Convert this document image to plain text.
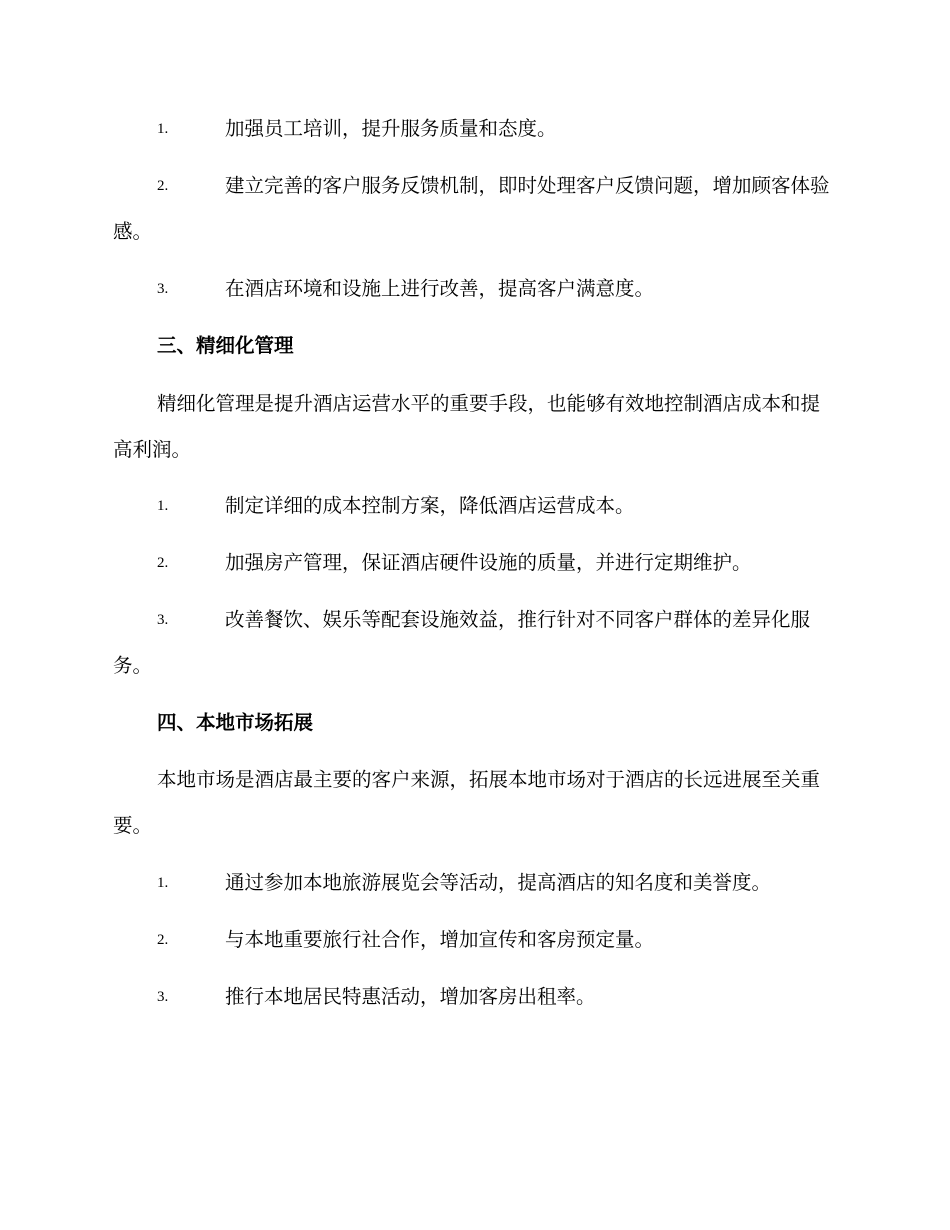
1.	加强员工培训，提升服务质量和态度。
2.	建立完善的客户服务反馈机制，即时处理客户反馈问题，增加顾客体验感。
3.	在酒店环境和设施上进行改善，提高客户满意度。
三、精细化管理
精细化管理是提升酒店运营水平的重要手段，也能够有效地控制酒店成本和提高利润。
1.	制定详细的成本控制方案，降低酒店运营成本。
2.	加强房产管理，保证酒店硬件设施的质量，并进行定期维护。
3.	改善餐饮、娱乐等配套设施效益，推行针对不同客户群体的差异化服务。
四、本地市场拓展
本地市场是酒店最主要的客户来源，拓展本地市场对于酒店的长远进展至关重要。
1.	通过参加本地旅游展览会等活动，提高酒店的知名度和美誉度。
2.	与本地重要旅行社合作，增加宣传和客房预定量。
3.	推行本地居民特惠活动，增加客房出租率。
